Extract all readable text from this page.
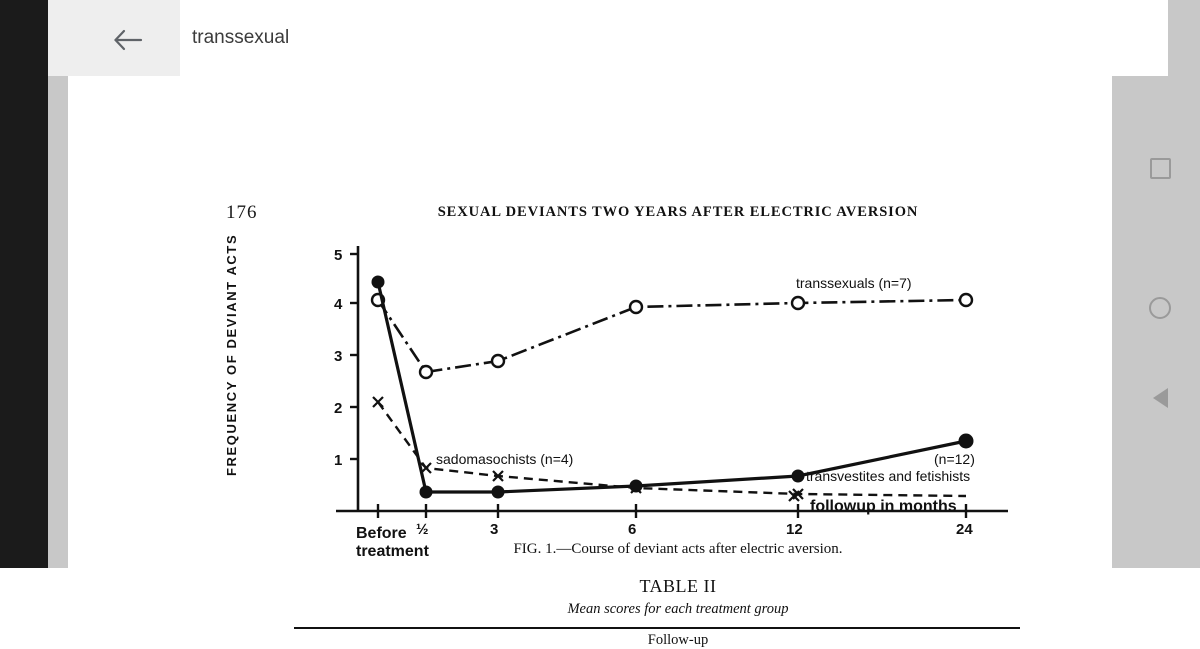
transsexual
176	SEXUAL DEVIANTS TWO YEARS AFTER ELECTRIC AVERSION
FREQUENCY OF DEVIANT ACTS	1
2
3
4
5
½	3	6	12	24
Before
treatment
followup in months
transsexuals (n=7)
transvestites and fetishists
(n=12)
sadomasochists (n=4)
FIG. 1.—Course of deviant acts after electric aversion.
TABLE II
Mean scores for each treatment group
Follow-up
